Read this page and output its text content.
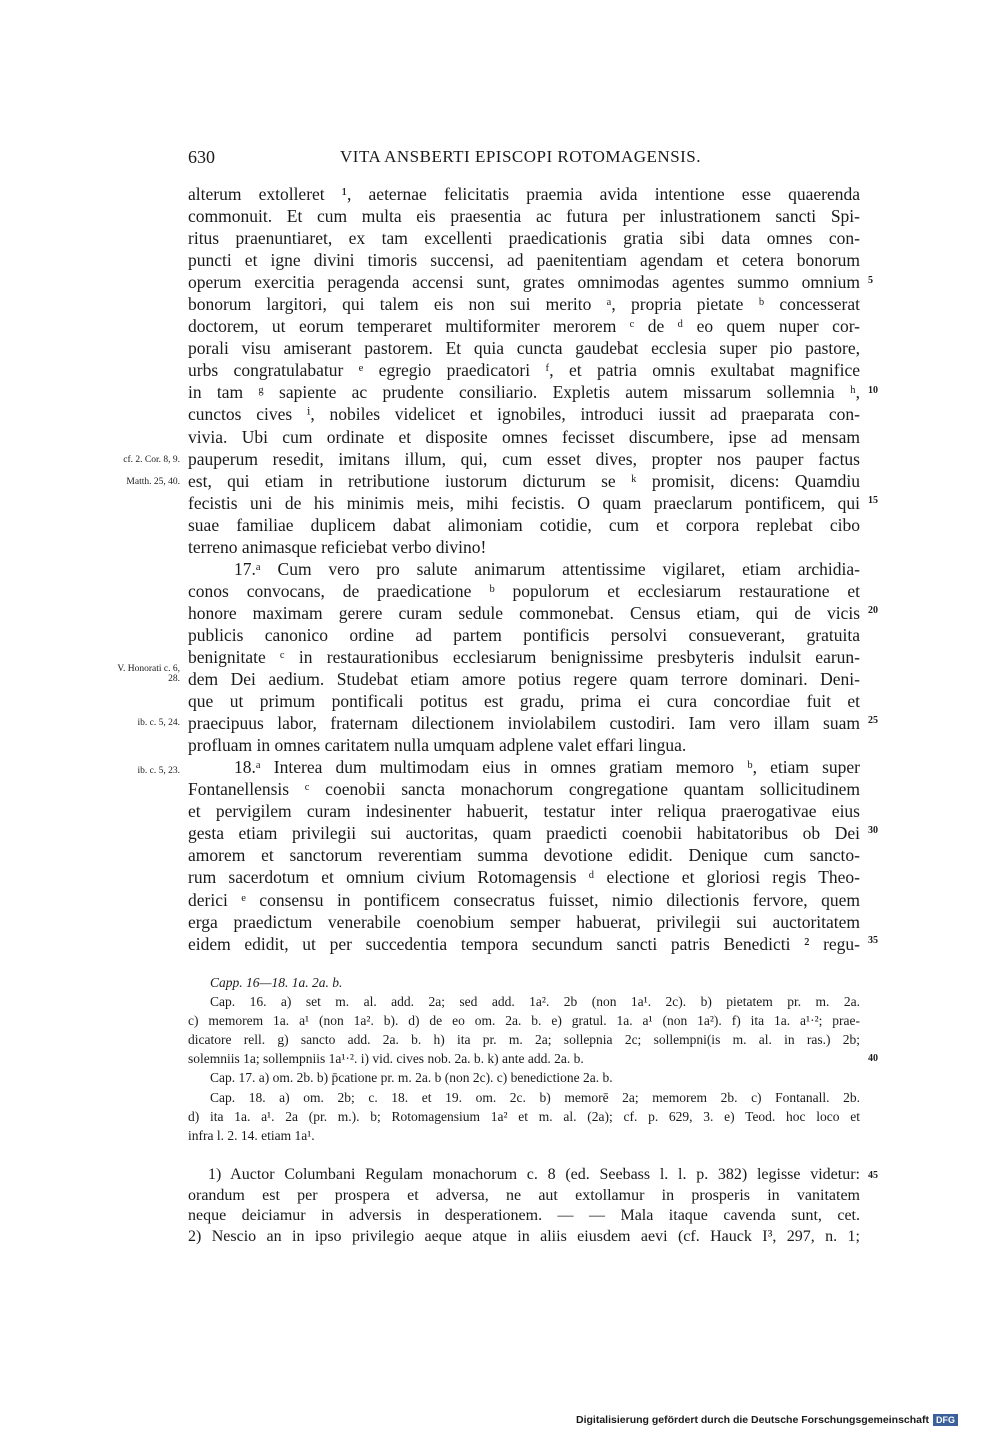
630	VITA ANSBERTI EPISCOPI ROTOMAGENSIS.
alterum extolleret ¹, aeternae felicitatis praemia avida intentione esse quaerenda
commonuit. Et cum multa eis praesentia ac futura per inlustrationem sancti Spi-
ritus praenuntiaret, ex tam excellenti praedicationis gratia sibi data omnes con-
puncti et igne divini timoris succensi, ad paenitentiam agendam et cetera bonorum
operum exercitia peragenda accensi sunt, grates omnimodas agentes summo omnium
bonorum largitori, qui talem eis non sui merito ᵃ, propria pietate ᵇ concesserat
doctorem, ut eorum temperaret multiformiter merorem ᶜ de ᵈ eo quem nuper cor-
porali visu amiserant pastorem. Et quia cuncta gaudebat ecclesia super pio pastore,
urbs congratulabatur ᵉ egregio praedicatori ᶠ, et patria omnis exultabat magnifice
in tam ᵍ sapiente ac prudente consiliario. Expletis autem missarum sollemnia ʰ,
cunctos cives ⁱ, nobiles videlicet et ignobiles, introduci iussit ad praeparata con-
vivia. Ubi cum ordinate et disposite omnes fecisset discumbere, ipse ad mensam
pauperum resedit, imitans illum, qui, cum esset dives, propter nos pauper factus
est, qui etiam in retributione iustorum dicturum se ᵏ promisit, dicens: Quamdiu
fecistis uni de his minimis meis, mihi fecistis. O quam praeclarum pontificem, qui
suae familiae duplicem dabat alimoniam cotidie, cum et corpora replebat cibo
terreno animasque reficiebat verbo divino!
17.ᵃ Cum vero pro salute animarum attentissime vigilaret, etiam archidia-
conos convocans, de praedicatione ᵇ populorum et ecclesiarum restauratione et
honore maximam gerere curam sedule commonebat. Census etiam, qui de vicis
publicis canonico ordine ad partem pontificis persolvi consueverant, gratuita
benignitate ᶜ in restaurationibus ecclesiarum benignissime presbyteris indulsit earun-
dem Dei aedium. Studebat etiam amore potius regere quam terrore dominari. Deni-
que ut primum pontificali potitus est gradu, prima ei cura concordiae fuit et
praecipuus labor, fraternam dilectionem inviolabilem custodiri. Iam vero illam suam
profluam in omnes caritatem nulla umquam adplene valet effari lingua.
18.ᵃ Interea dum multimodam eius in omnes gratiam memoro ᵇ, etiam super
Fontanellensis ᶜ coenobii sancta monachorum congregatione quantam sollicitudinem
et pervigilem curam indesinenter habuerit, testatur inter reliqua praerogativae eius
gesta etiam privilegii sui auctoritas, quam praedicti coenobii habitatoribus ob Dei
amorem et sanctorum reverentiam summa devotione edidit. Denique cum sancto-
rum sacerdotum et omnium civium Rotomagensis ᵈ electione et gloriosi regis Theo-
derici ᵉ consensu in pontificem consecratus fuisset, nimio dilectionis fervore, quem
erga praedictum venerabile coenobium semper habuerat, privilegii sui auctoritatem
eidem edidit, ut per succedentia tempora secundum sancti patris Benedicti ² regu-
5
10
15
20
25
30
35
cf. 2. Cor. 8, 9.
Matth. 25, 40.
V. Honorati c. 6, 28.
ib. c. 5, 24.
ib. c. 5, 23.
Capp. 16—18. 1a. 2a. b.
Cap. 16. a) set m. al. add. 2a; sed add. 1a². 2b (non 1a¹. 2c). b) pietatem pr. m. 2a.
c) memorem 1a. a¹ (non 1a². b). d) de eo om. 2a. b. e) gratul. 1a. a¹ (non 1a²). f) ita 1a. a¹·²; prae-
dicatore rell. g) sancto add. 2a. b. h) ita pr. m. 2a; sollepnia 2c; sollempni(is m. al. in ras.) 2b;
solemniis 1a; sollempniis 1a¹·². i) vid. cives nob. 2a. b. k) ante add. 2a. b.
Cap. 17. a) om. 2b. b) p̄catione pr. m. 2a. b (non 2c). c) benedictione 2a. b.
Cap. 18. a) om. 2b; c. 18. et 19. om. 2c. b) memorē 2a; memorem 2b. c) Fontanall. 2b.
d) ita 1a. a¹. 2a (pr. m.). b; Rotomagensium 1a² et m. al. (2a); cf. p. 629, 3. e) Teod. hoc loco et
infra l. 2. 14. etiam 1a¹.
40
1) Auctor Columbani Regulam monachorum c. 8 (ed. Seebass l. l. p. 382) legisse videtur:
orandum est per prospera et adversa, ne aut extollamur in prosperis in vanitatem
neque deiciamur in adversis in desperationem. — — Mala itaque cavenda sunt, cet.
2) Nescio an in ipso privilegio aeque atque in aliis eiusdem aevi (cf. Hauck I³, 297, n. 1;
45
Digitalisierung gefördert durch die Deutsche Forschungsgemeinschaft DFG
